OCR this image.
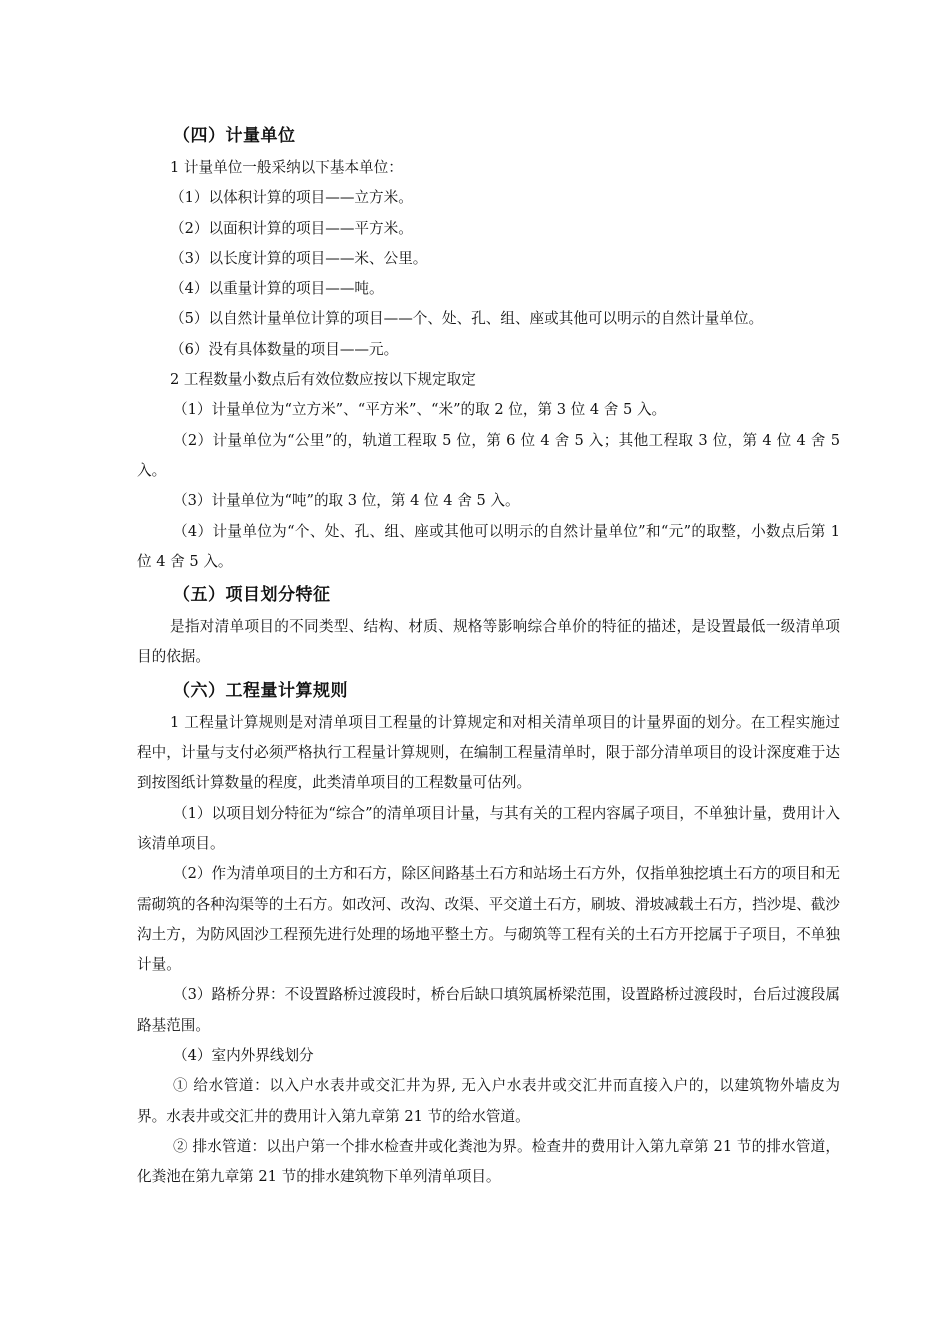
（四）计量单位

1 计量单位一般采纳以下基本单位：

（1）以体积计算的项目——立方米。

（2）以面积计算的项目——平方米。

（3）以长度计算的项目——米、公里。

（4）以重量计算的项目——吨。

（5）以自然计量单位计算的项目——个、处、孔、组、座或其他可以明示的自然计量单位。

（6）没有具体数量的项目——元。

2 工程数量小数点后有效位数应按以下规定取定

（1）计量单位为“立方米”、“平方米”、“米”的取 2 位，第 3 位 4 舍 5 入。

（2）计量单位为“公里”的，轨道工程取 5 位，第 6 位 4 舍 5 入；其他工程取 3 位，第 4 位 4 舍 5 入。

（3）计量单位为“吨”的取 3 位，第 4 位 4 舍 5 入。

（4）计量单位为“个、处、孔、组、座或其他可以明示的自然计量单位”和“元”的取整，小数点后第 1 位 4 舍 5 入。

（五）项目划分特征

是指对清单项目的不同类型、结构、材质、规格等影响综合单价的特征的描述，是设置最低一级清单项目的依据。

（六）工程量计算规则

1 工程量计算规则是对清单项目工程量的计算规定和对相关清单项目的计量界面的划分。在工程实施过程中，计量与支付必须严格执行工程量计算规则，在编制工程量清单时，限于部分清单项目的设计深度难于达到按图纸计算数量的程度，此类清单项目的工程数量可估列。

（1）以项目划分特征为“综合”的清单项目计量，与其有关的工程内容属子项目，不单独计量，费用计入该清单项目。

（2）作为清单项目的土方和石方，除区间路基土石方和站场土石方外，仅指单独挖填土石方的项目和无需砌筑的各种沟渠等的土石方。如改河、改沟、改渠、平交道土石方，刷坡、滑坡减载土石方，挡沙堤、截沙沟土方，为防风固沙工程预先进行处理的场地平整土方。与砌筑等工程有关的土石方开挖属于子项目，不单独计量。

（3）路桥分界：不设置路桥过渡段时，桥台后缺口填筑属桥梁范围，设置路桥过渡段时，台后过渡段属路基范围。

（4）室内外界线划分

① 给水管道：以入户水表井或交汇井为界, 无入户水表井或交汇井而直接入户的，以建筑物外墙皮为界。水表井或交汇井的费用计入第九章第 21 节的给水管道。

② 排水管道：以出户第一个排水检查井或化粪池为界。检查井的费用计入第九章第 21 节的排水管道，化粪池在第九章第 21 节的排水建筑物下单列清单项目。
